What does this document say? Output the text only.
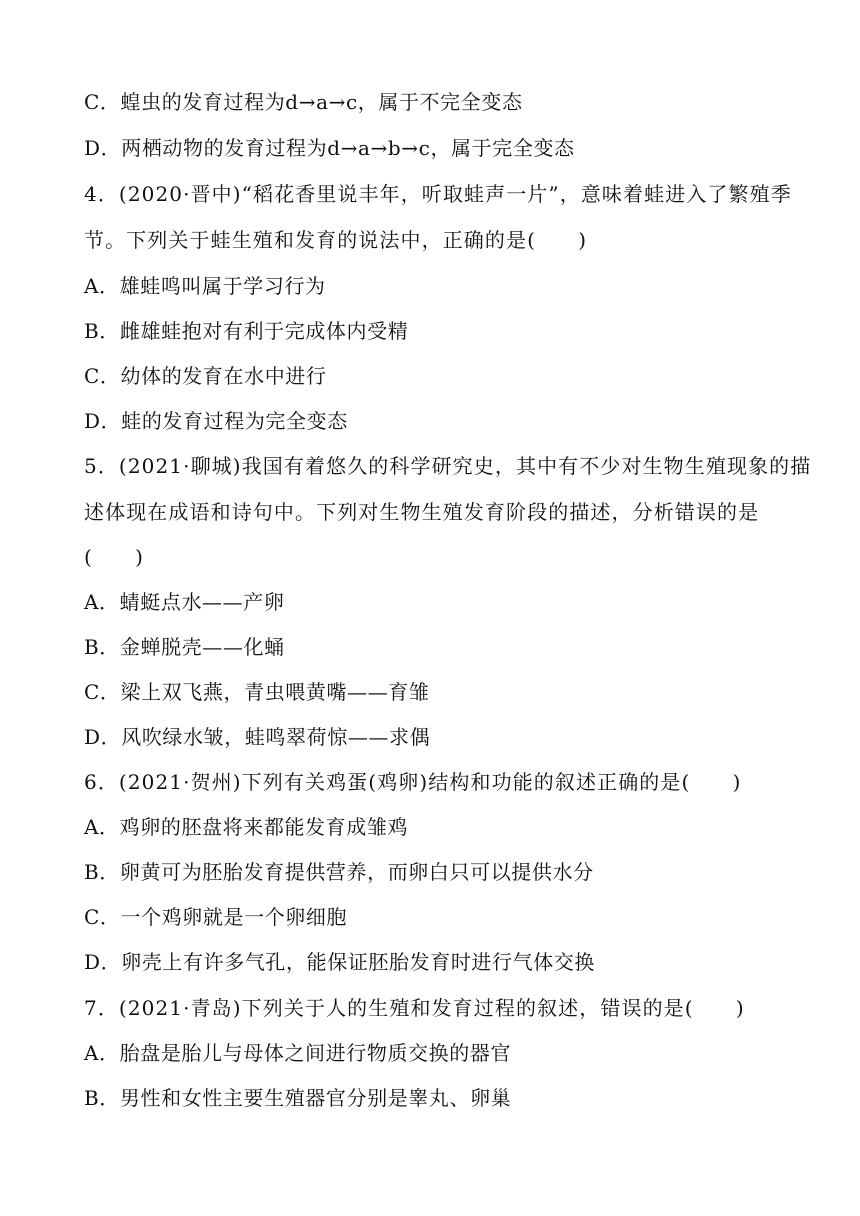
C．蝗虫的发育过程为d→a→c，属于不完全变态
D．两栖动物的发育过程为d→a→b→c，属于完全变态
4．(2020·晋中)“稻花香里说丰年，听取蛙声一片”，意味着蛙进入了繁殖季
节。下列关于蛙生殖和发育的说法中，正确的是(　　)
A．雄蛙鸣叫属于学习行为
B．雌雄蛙抱对有利于完成体内受精
C．幼体的发育在水中进行
D．蛙的发育过程为完全变态
5．(2021·聊城)我国有着悠久的科学研究史，其中有不少对生物生殖现象的描
述体现在成语和诗句中。下列对生物生殖发育阶段的描述，分析错误的是
(　　)
A．蜻蜓点水——产卵
B．金蝉脱壳——化蛹
C．梁上双飞燕，青虫喂黄嘴——育雏
D．风吹绿水皱，蛙鸣翠荷惊——求偶
6．(2021·贺州)下列有关鸡蛋(鸡卵)结构和功能的叙述正确的是(　　)
A．鸡卵的胚盘将来都能发育成雏鸡
B．卵黄可为胚胎发育提供营养，而卵白只可以提供水分
C．一个鸡卵就是一个卵细胞
D．卵壳上有许多气孔，能保证胚胎发育时进行气体交换
7．(2021·青岛)下列关于人的生殖和发育过程的叙述，错误的是(　　)
A．胎盘是胎儿与母体之间进行物质交换的器官
B．男性和女性主要生殖器官分别是睾丸、卵巢
